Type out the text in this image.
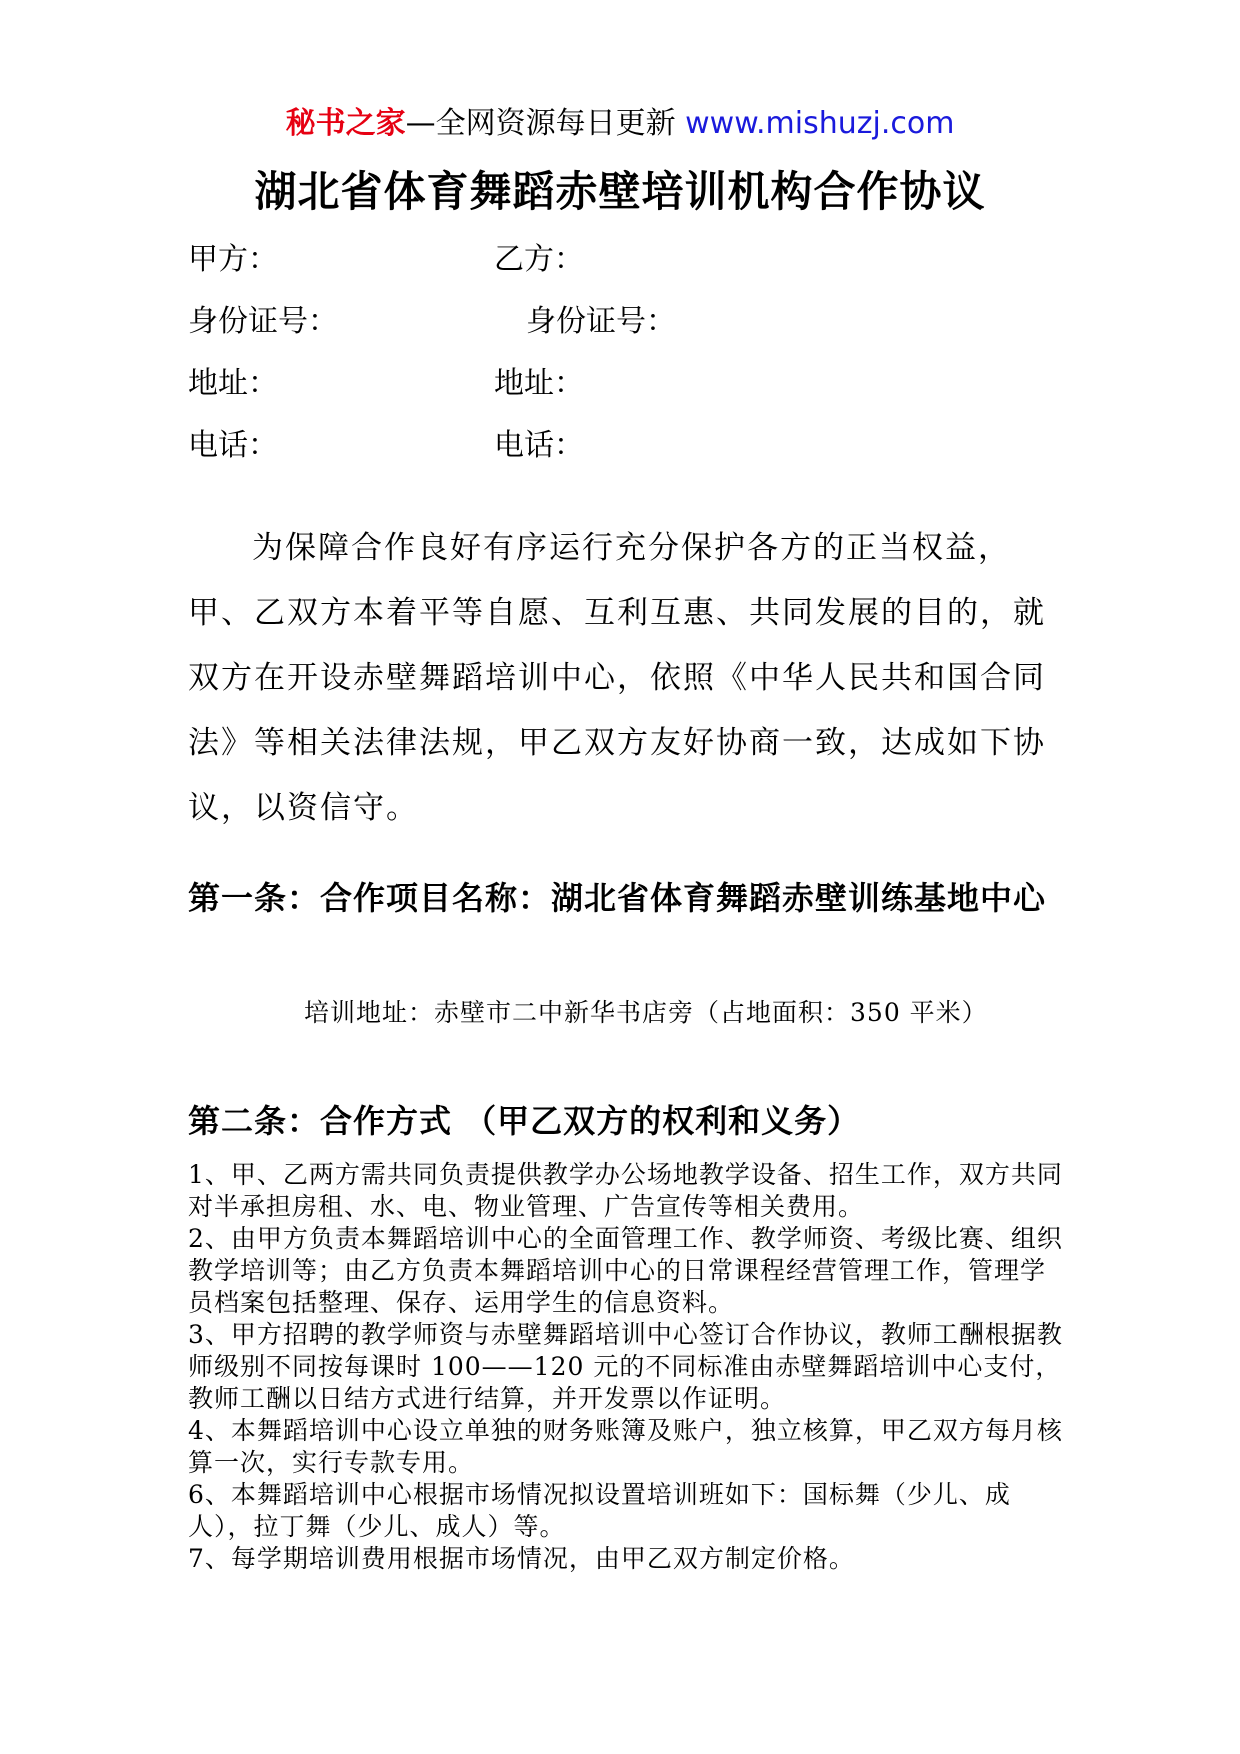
秘书之家—全网资源每日更新 www.mishuzj.com
湖北省体育舞蹈赤壁培训机构合作协议
甲方：	乙方：
身份证号：	身份证号：
地址：	地址：
电话：	电话：

为保障合作良好有序运行充分保护各方的正当权益，甲、乙双方本着平等自愿、互利互惠、共同发展的目的，就双方在开设赤壁舞蹈培训中心，依照《中华人民共和国合同法》等相关法律法规，甲乙双方友好协商一致，达成如下协议，以资信守。

第一条：合作项目名称：湖北省体育舞蹈赤壁训练基地中心

培训地址：赤壁市二中新华书店旁（占地面积：350 平米）

第二条：合作方式 （甲乙双方的权利和义务）
1、甲、乙两方需共同负责提供教学办公场地教学设备、招生工作，双方共同对半承担房租、水、电、物业管理、广告宣传等相关费用。
2、由甲方负责本舞蹈培训中心的全面管理工作、教学师资、考级比赛、组织教学培训等；由乙方负责本舞蹈培训中心的日常课程经营管理工作，管理学员档案包括整理、保存、运用学生的信息资料。
3、甲方招聘的教学师资与赤壁舞蹈培训中心签订合作协议，教师工酬根据教师级别不同按每课时 100——120 元的不同标准由赤壁舞蹈培训中心支付，教师工酬以日结方式进行结算，并开发票以作证明。
4、本舞蹈培训中心设立单独的财务账簿及账户，独立核算，甲乙双方每月核算一次，实行专款专用。
6、本舞蹈培训中心根据市场情况拟设置培训班如下：国标舞（少儿、成人），拉丁舞（少儿、成人）等。
7、每学期培训费用根据市场情况，由甲乙双方制定价格。
